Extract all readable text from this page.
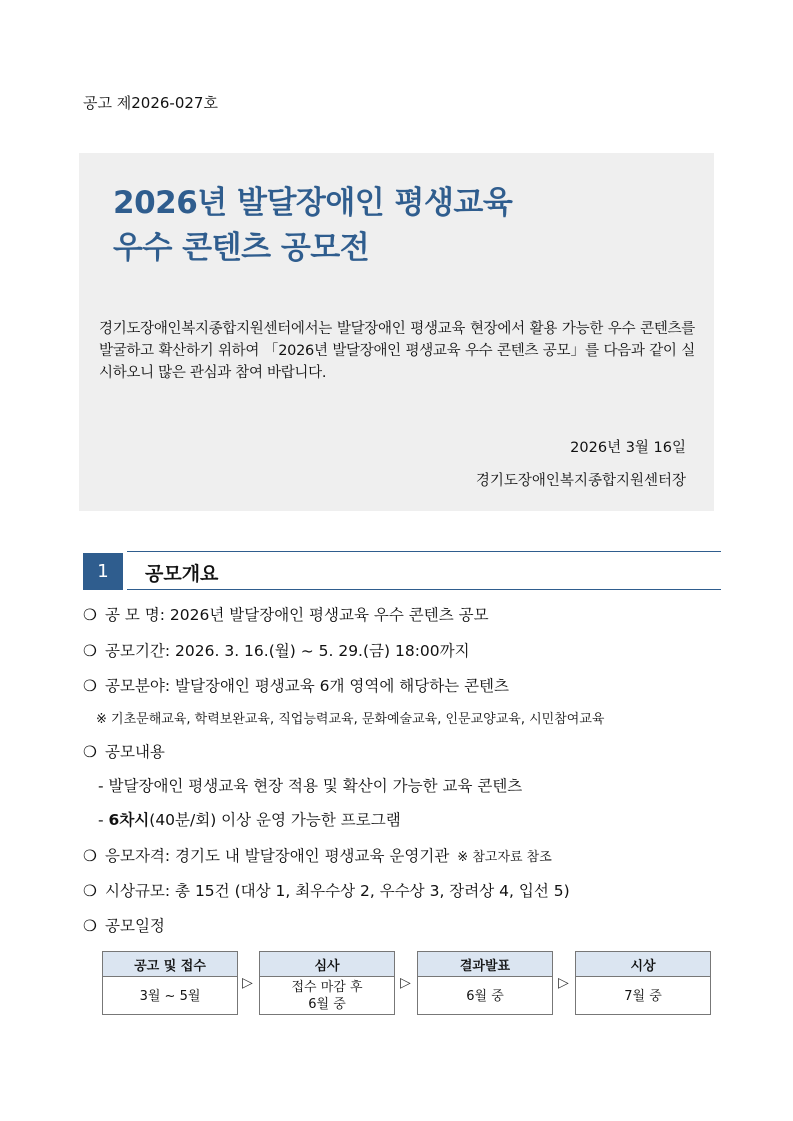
공고 제2026-027호
2026년 발달장애인 평생교육
우수 콘텐츠 공모전
경기도장애인복지종합지원센터에서는 발달장애인 평생교육 현장에서 활용 가능한 우수 콘텐츠를 발굴하고 확산하기 위하여 「2026년 발달장애인 평생교육 우수 콘텐츠 공모」를 다음과 같이 실시하오니 많은 관심과 참여 바랍니다.
2026년 3월 16일
경기도장애인복지종합지원센터장
1	공모개요
❍ 공 모 명: 2026년 발달장애인 평생교육 우수 콘텐츠 공모
❍ 공모기간: 2026. 3. 16.(월) ~ 5. 29.(금) 18:00까지
❍ 공모분야: 발달장애인 평생교육 6개 영역에 해당하는 콘텐츠
※ 기초문해교육, 학력보완교육, 직업능력교육, 문화예술교육, 인문교양교육, 시민참여교육
❍ 공모내용
- 발달장애인 평생교육 현장 적용 및 확산이 가능한 교육 콘텐츠
- 6차시(40분/회) 이상 운영 가능한 프로그램
❍ 응모자격: 경기도 내 발달장애인 평생교육 운영기관 ※ 참고자료 참조
❍ 시상규모: 총 15건 (대상 1, 최우수상 2, 우수상 3, 장려상 4, 입선 5)
❍ 공모일정
공고 및 접수
3월 ~ 5월
▷
심사
접수 마감 후
6월 중
▷
결과발표
6월 중
▷
시상
7월 중
